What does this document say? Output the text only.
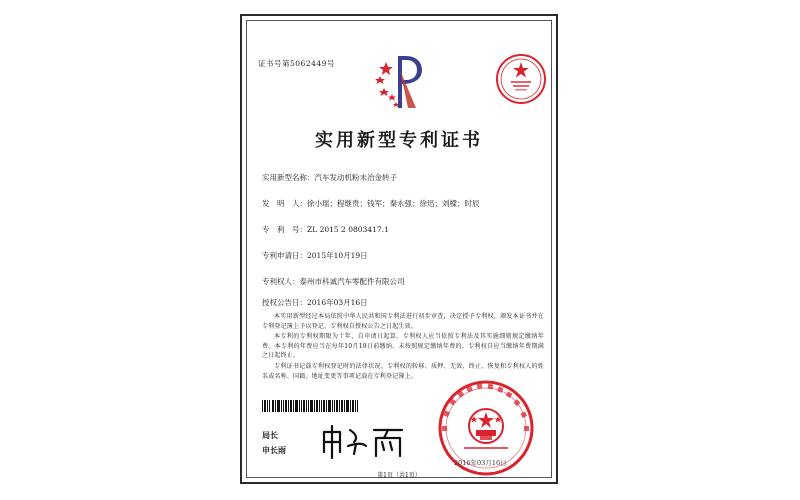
证书号第5062449号
实用新型专利证书
实用新型名称：汽车发动机粉末冶金转子
发　明　人：徐小瑶；程继贵；钱军；秦永强；徐迅；刘樑；时辰
专　利　号：ZL 2015 2 0803417.1
专利申请日：2015年10月19日
专利权人：泰州市科诚汽车零配件有限公司
授权公告日：2016年03月16日

本实用新型经过本局依照中华人民共和国专利法进行初步审查，决定授予专利权，颁发本证书并在专利登记簿上予以登记。专利权自授权公告之日起生效。

本专利的专利权期限为十年，自申请日起算。专利权人应当依照专利法及其实施细则规定缴纳年费。本专利的年费应当在每年10月19日前缴纳。未按照规定缴纳年费的，专利权自应当缴纳年费期满之日起终止。

专利证书记载专利权登记时的法律状况。专利权的转移、质押、无效、终止、恢复和专利权人的姓名或名称、国籍、地址变更等事项记载在专利登记簿上。

局长
申长雨
2016年03月16日
第1页（共1页）
